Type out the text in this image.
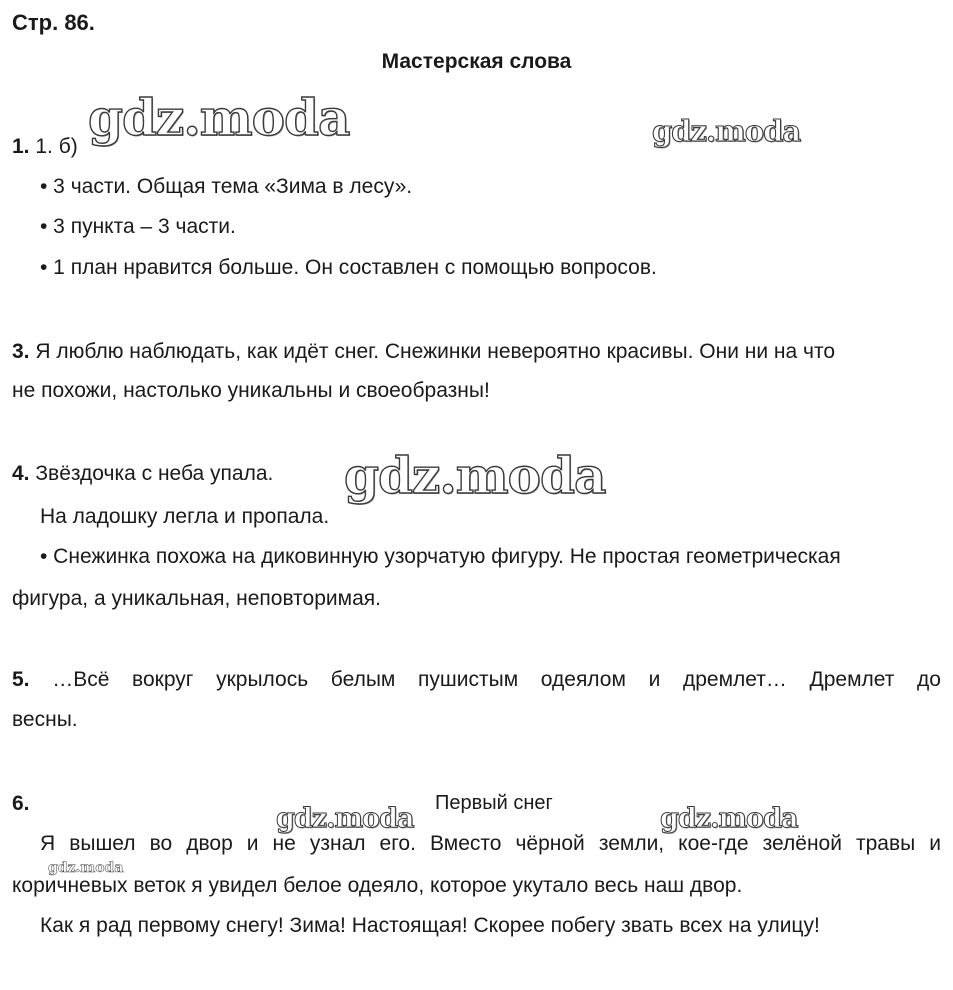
Стр. 86.
Мастерская слова
gdz.moda	gdz.moda
gdz.moda
gdz.moda	gdz.moda
gdz.moda
1. 1. б)
• 3 части. Общая тема «Зима в лесу».
• 3 пункта – 3 части.
• 1 план нравится больше. Он составлен с помощью вопросов.
3. Я люблю наблюдать, как идёт снег. Снежинки невероятно красивы. Они ни на что
не похожи, настолько уникальны и своеобразны!
4. Звёздочка с неба упала.
На ладошку легла и пропала.
• Снежинка похожа на диковинную узорчатую фигуру. Не простая геометрическая
фигура, а уникальная, неповторимая.
5. …Всё вокруг укрылось белым пушистым одеялом и дремлет… Дремлет до
весны.
6.	Первый снег
Я вышел во двор и не узнал его. Вместо чёрной земли, кое-где зелёной травы и
коричневых веток я увидел белое одеяло, которое укутало весь наш двор.
Как я рад первому снегу! Зима! Настоящая! Скорее побегу звать всех на улицу!
